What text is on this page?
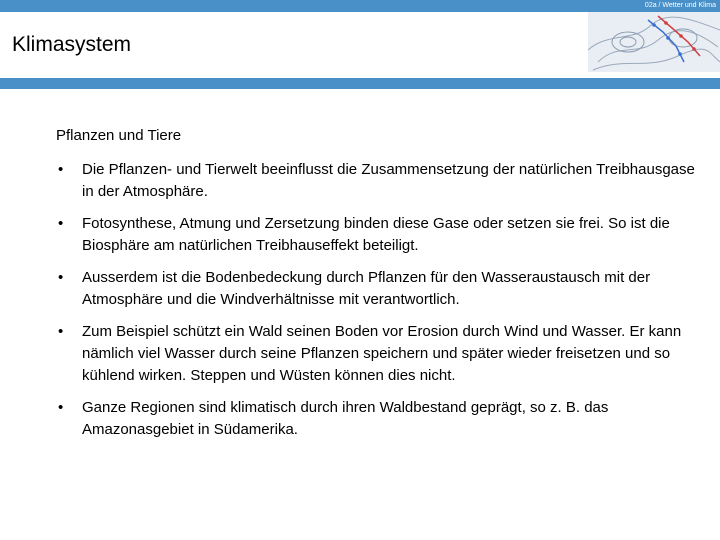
02a / Wetter und Klima
Klimasystem
Pflanzen und Tiere
• Die Pflanzen- und Tierwelt beeinflusst die Zusammensetzung der natürlichen Treibhausgase in der Atmosphäre.
• Fotosynthese, Atmung und Zersetzung binden diese Gase oder setzen sie frei. So ist die Biosphäre am natürlichen Treibhauseffekt beteiligt.
• Ausserdem ist die Bodenbedeckung durch Pflanzen für den Wasseraustausch mit der Atmosphäre und die Windverhältnisse mit verantwortlich.
• Zum Beispiel schützt ein Wald seinen Boden vor Erosion durch Wind und Wasser. Er kann nämlich viel Wasser durch seine Pflanzen speichern und später wieder freisetzen und so kühlend wirken. Steppen und Wüsten können dies nicht.
• Ganze Regionen sind klimatisch durch ihren Waldbestand geprägt, so z. B. das Amazonasgebiet in Südamerika.
